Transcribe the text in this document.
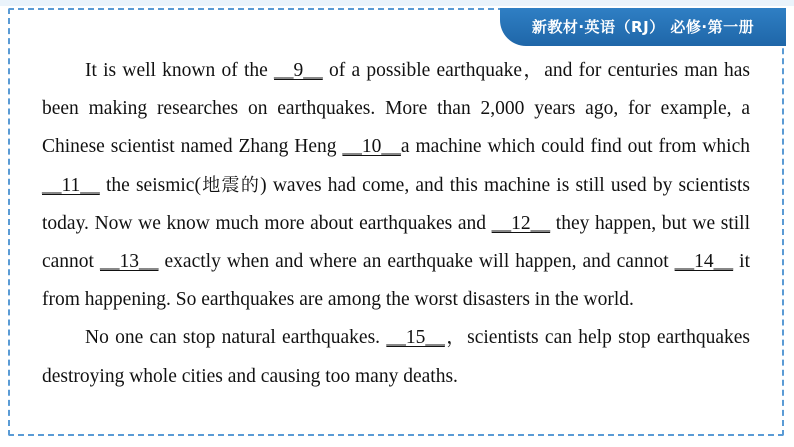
新教材·英语（RJ） 必修·第一册

It is well known of the __9__ of a possible earthquake，and for centuries man has been making researches on earthquakes. More than 2,000 years ago, for example, a Chinese scientist named Zhang Heng __10__a machine which could find out from which __11__ the seismic(地震的) waves had come, and this machine is still used by scientists today. Now we know much more about earthquakes and __12__ they happen, but we still cannot __13__ exactly when and where an earthquake will happen, and cannot __14__ it from happening. So earthquakes are among the worst disasters in the world.

No one can stop natural earthquakes. __15__，scientists can help stop earthquakes destroying whole cities and causing too many deaths.
